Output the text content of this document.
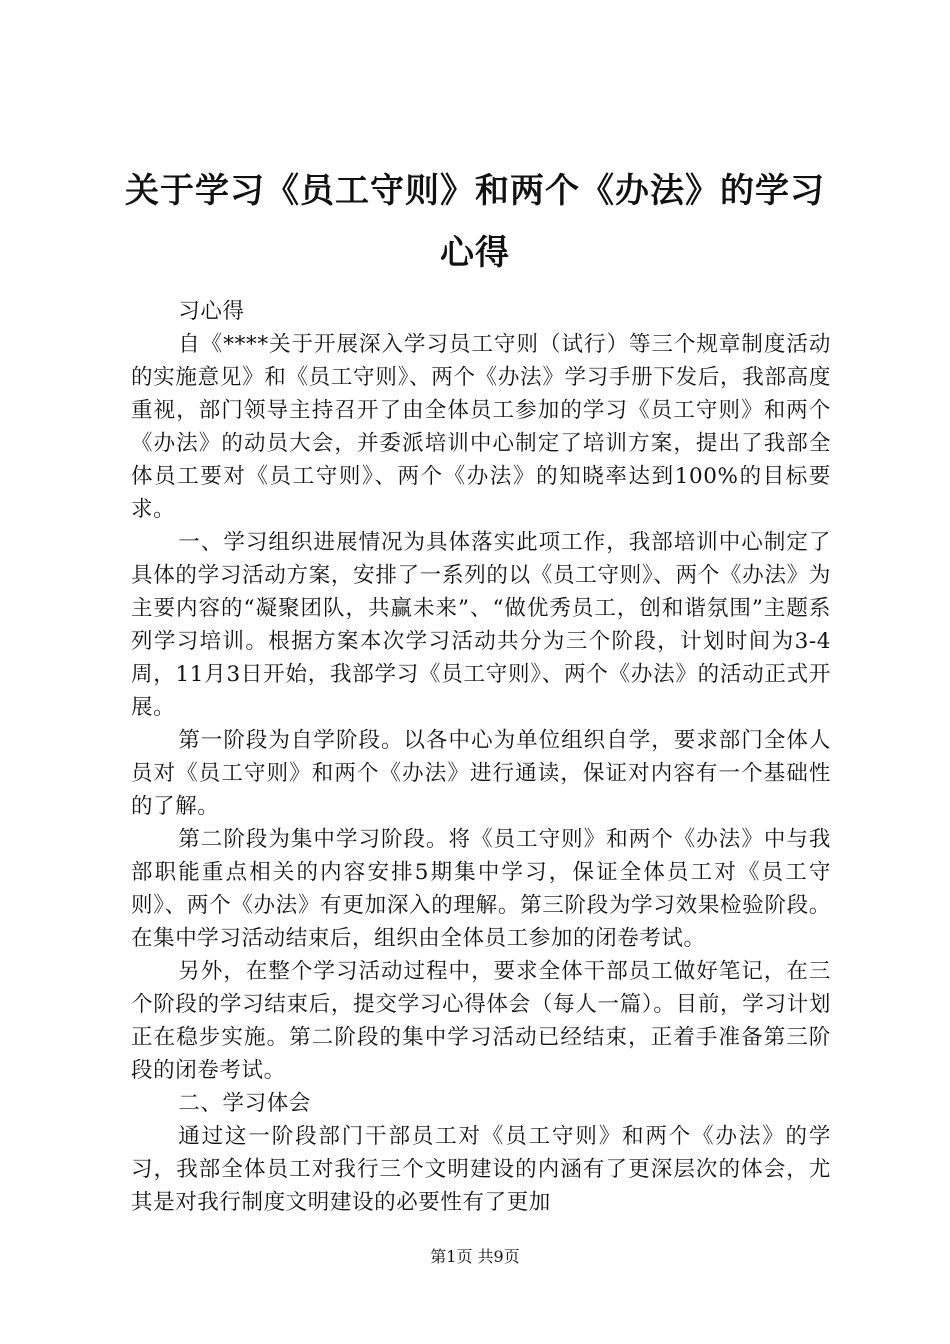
关于学习《员工守则》和两个《办法》的学习
心得

习心得

自《****关于开展深入学习员工守则（试行）等三个规章制度活动的实施意见》和《员工守则》、两个《办法》学习手册下发后，我部高度重视，部门领导主持召开了由全体员工参加的学习《员工守则》和两个《办法》的动员大会，并委派培训中心制定了培训方案，提出了我部全体员工要对《员工守则》、两个《办法》的知晓率达到100%的目标要求。

一、学习组织进展情况为具体落实此项工作，我部培训中心制定了具体的学习活动方案，安排了一系列的以《员工守则》、两个《办法》为主要内容的“凝聚团队，共赢未来”、“做优秀员工，创和谐氛围”主题系列学习培训。根据方案本次学习活动共分为三个阶段，计划时间为3-4周，11月3日开始，我部学习《员工守则》、两个《办法》的活动正式开展。

第一阶段为自学阶段。以各中心为单位组织自学，要求部门全体人员对《员工守则》和两个《办法》进行通读，保证对内容有一个基础性的了解。

第二阶段为集中学习阶段。将《员工守则》和两个《办法》中与我部职能重点相关的内容安排5期集中学习，保证全体员工对《员工守则》、两个《办法》有更加深入的理解。第三阶段为学习效果检验阶段。在集中学习活动结束后，组织由全体员工参加的闭卷考试。

另外，在整个学习活动过程中，要求全体干部员工做好笔记，在三个阶段的学习结束后，提交学习心得体会（每人一篇）。目前，学习计划正在稳步实施。第二阶段的集中学习活动已经结束，正着手准备第三阶段的闭卷考试。

二、学习体会

通过这一阶段部门干部员工对《员工守则》和两个《办法》的学习，我部全体员工对我行三个文明建设的内涵有了更深层次的体会，尤其是对我行制度文明建设的必要性有了更加

第1页 共9页
